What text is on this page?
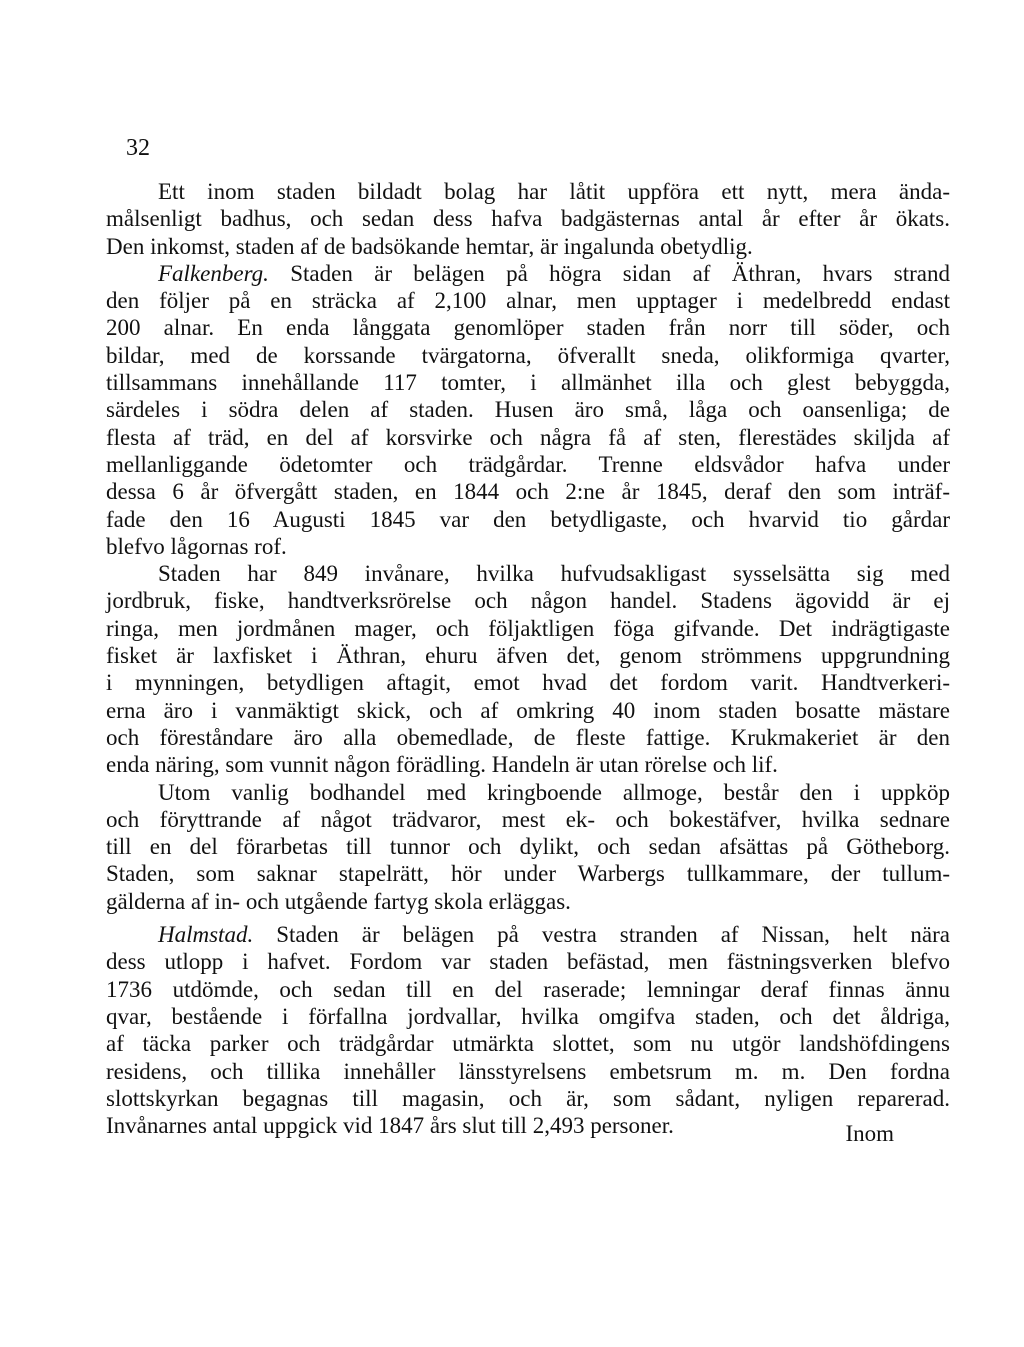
32
Ett inom staden bildadt bolag har låtit uppföra ett nytt, mera ända-
målsenligt badhus, och sedan dess hafva badgästernas antal år efter år ökats.
Den inkomst, staden af de badsökande hemtar, är ingalunda obetydlig.
Falkenberg. Staden är belägen på högra sidan af Äthran, hvars strand
den följer på en sträcka af 2,100 alnar, men upptager i medelbredd endast
200 alnar. En enda långgata genomlöper staden från norr till söder, och
bildar, med de korssande tvärgatorna, öfverallt sneda, olikformiga qvarter,
tillsammans innehållande 117 tomter, i allmänhet illa och glest bebyggda,
särdeles i södra delen af staden. Husen äro små, låga och oansenliga; de
flesta af träd, en del af korsvirke och några få af sten, flerestädes skiljda af
mellanliggande ödetomter och trädgårdar. Trenne eldsvådor hafva under
dessa 6 år öfvergått staden, en 1844 och 2:ne år 1845, deraf den som inträf-
fade den 16 Augusti 1845 var den betydligaste, och hvarvid tio gårdar
blefvo lågornas rof.
Staden har 849 invånare, hvilka hufvudsakligast sysselsätta sig med
jordbruk, fiske, handtverksrörelse och någon handel. Stadens ägovidd är ej
ringa, men jordmånen mager, och följaktligen föga gifvande. Det indrägtigaste
fisket är laxfisket i Äthran, ehuru äfven det, genom strömmens uppgrundning
i mynningen, betydligen aftagit, emot hvad det fordom varit. Handtverkeri-
erna äro i vanmäktigt skick, och af omkring 40 inom staden bosatte mästare
och föreståndare äro alla obemedlade, de fleste fattige. Krukmakeriet är den
enda näring, som vunnit någon förädling. Handeln är utan rörelse och lif.
Utom vanlig bodhandel med kringboende allmoge, består den i uppköp
och föryttrande af något trädvaror, mest ek- och bokestäfver, hvilka sednare
till en del förarbetas till tunnor och dylikt, och sedan afsättas på Götheborg.
Staden, som saknar stapelrätt, hör under Warbergs tullkammare, der tullum-
gälderna af in- och utgående fartyg skola erläggas.
Halmstad. Staden är belägen på vestra stranden af Nissan, helt nära
dess utlopp i hafvet. Fordom var staden befästad, men fästningsverken blefvo
1736 utdömde, och sedan till en del raserade; lemningar deraf finnas ännu
qvar, bestående i förfallna jordvallar, hvilka omgifva staden, och det åldriga,
af täcka parker och trädgårdar utmärkta slottet, som nu utgör landshöfdingens
residens, och tillika innehåller länsstyrelsens embetsrum m. m. Den fordna
slottskyrkan begagnas till magasin, och är, som sådant, nyligen reparerad.
Invånarnes antal uppgick vid 1847 års slut till 2,493 personer.	Inom
